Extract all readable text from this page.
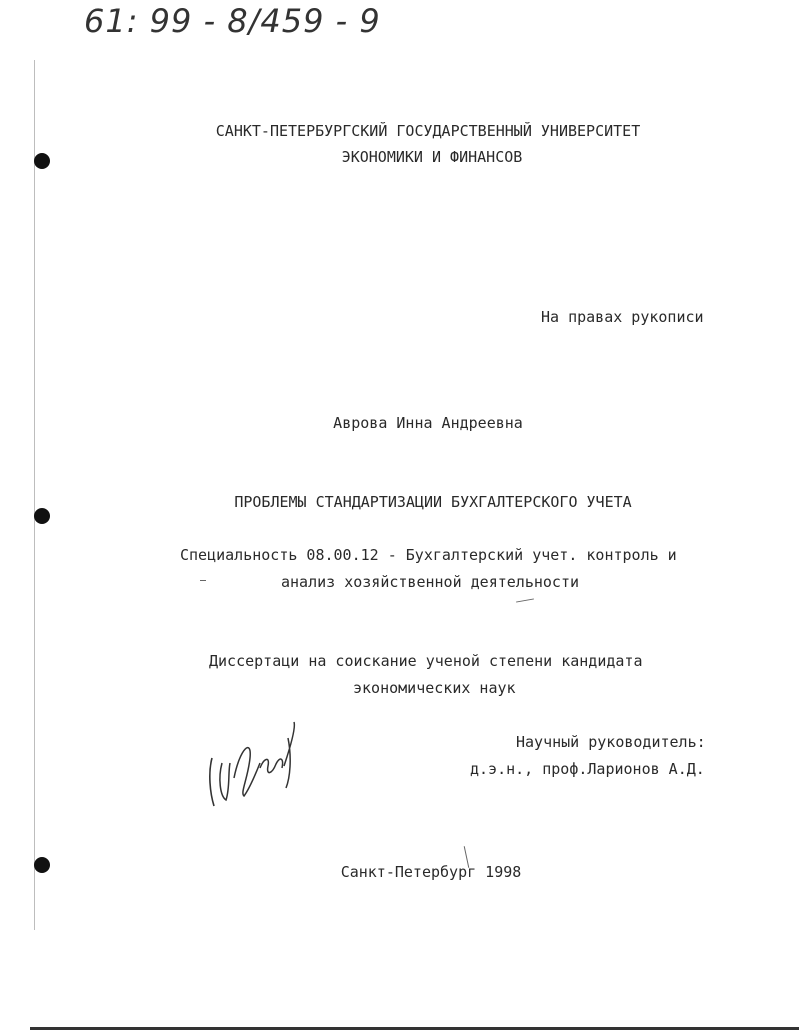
61: 99 - 8/459 - 9
САНКТ-ПЕТЕРБУРГСКИЙ ГОСУДАРСТВЕННЫЙ УНИВЕРСИТЕТ
ЭКОНОМИКИ И ФИНАНСОВ
На правах рукописи
Аврова Инна Андреевна
ПРОБЛЕМЫ СТАНДАРТИЗАЦИИ БУХГАЛТЕРСКОГО УЧЕТА
Специальность 08.00.12 - Бухгалтерский учет. контроль и
анализ хозяйственной деятельности
Диссертаци на соискание ученой степени кандидата
экономических наук
Научный руководитель:
д.э.н., проф.Ларионов А.Д.
Санкт-Петербург 1998
